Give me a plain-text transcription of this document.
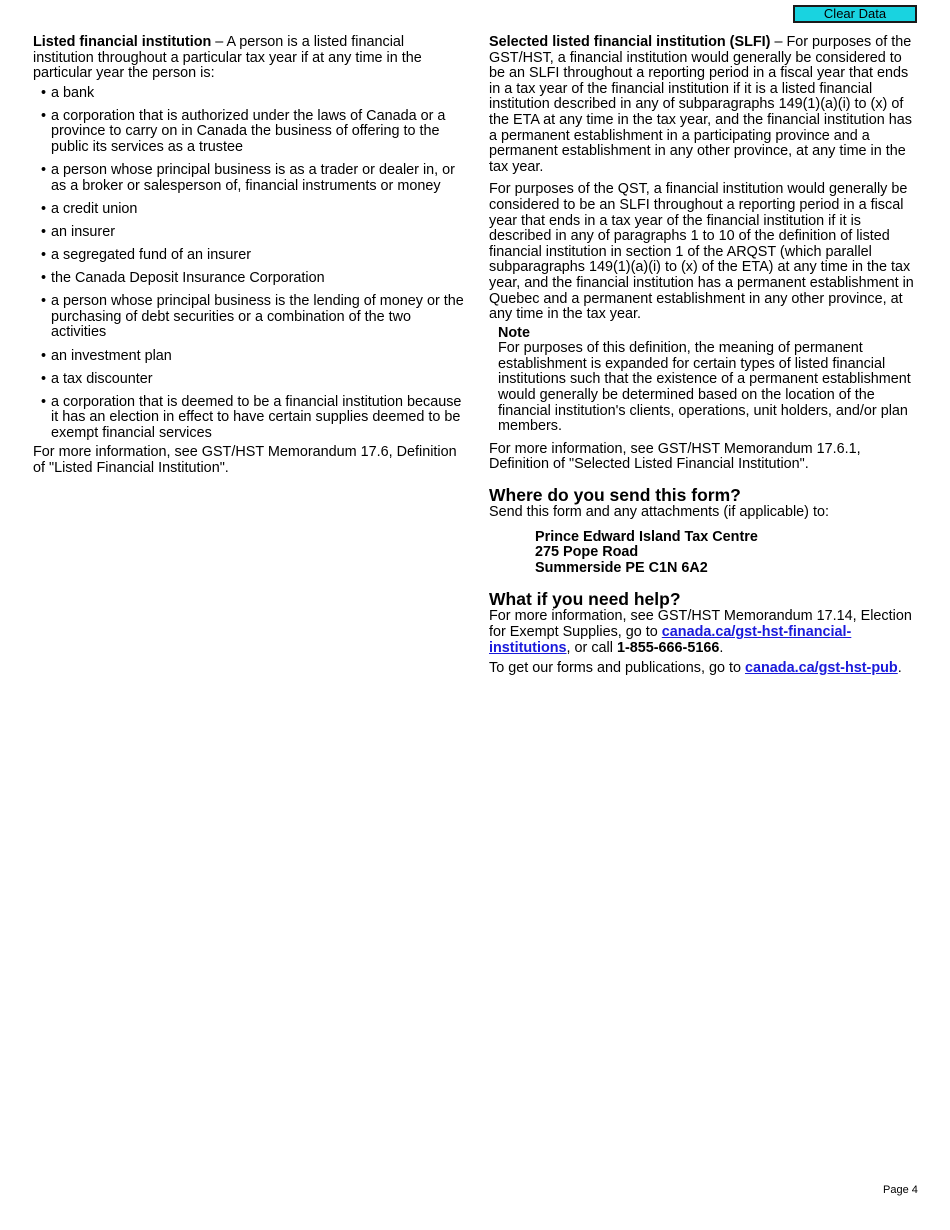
Clear Data

Listed financial institution – A person is a listed financial institution throughout a particular tax year if at any time in the particular year the person is:

• a bank
• a corporation that is authorized under the laws of Canada or a province to carry on in Canada the business of offering to the public its services as a trustee
• a person whose principal business is as a trader or dealer in, or as a broker or salesperson of, financial instruments or money
• a credit union
• an insurer
• a segregated fund of an insurer
• the Canada Deposit Insurance Corporation
• a person whose principal business is the lending of money or the purchasing of debt securities or a combination of the two activities
• an investment plan
• a tax discounter
• a corporation that is deemed to be a financial institution because it has an election in effect to have certain supplies deemed to be exempt financial services

For more information, see GST/HST Memorandum 17.6, Definition of "Listed Financial Institution".

Selected listed financial institution (SLFI) – For purposes of the GST/HST, a financial institution would generally be considered to be an SLFI throughout a reporting period in a fiscal year that ends in a tax year of the financial institution if it is a listed financial institution described in any of subparagraphs 149(1)(a)(i) to (x) of the ETA at any time in the tax year, and the financial institution has a permanent establishment in a participating province and a permanent establishment in any other province, at any time in the tax year.

For purposes of the QST, a financial institution would generally be considered to be an SLFI throughout a reporting period in a fiscal year that ends in a tax year of the financial institution if it is described in any of paragraphs 1 to 10 of the definition of listed financial institution in section 1 of the ARQST (which parallel subparagraphs 149(1)(a)(i) to (x) of the ETA) at any time in the tax year, and the financial institution has a permanent establishment in Quebec and a permanent establishment in any other province, at any time in the tax year.

Note
For purposes of this definition, the meaning of permanent establishment is expanded for certain types of listed financial institutions such that the existence of a permanent establishment would generally be determined based on the location of the financial institution's clients, operations, unit holders, and/or plan members.

For more information, see GST/HST Memorandum 17.6.1, Definition of "Selected Listed Financial Institution".

Where do you send this form?

Send this form and any attachments (if applicable) to:

Prince Edward Island Tax Centre
275 Pope Road
Summerside PE C1N 6A2
What if you need help?

For more information, see GST/HST Memorandum 17.14, Election for Exempt Supplies, go to canada.ca/gst-hst-financial-institutions, or call 1-855-666-5166.

To get our forms and publications, go to canada.ca/gst-hst-pub.

Page 4
